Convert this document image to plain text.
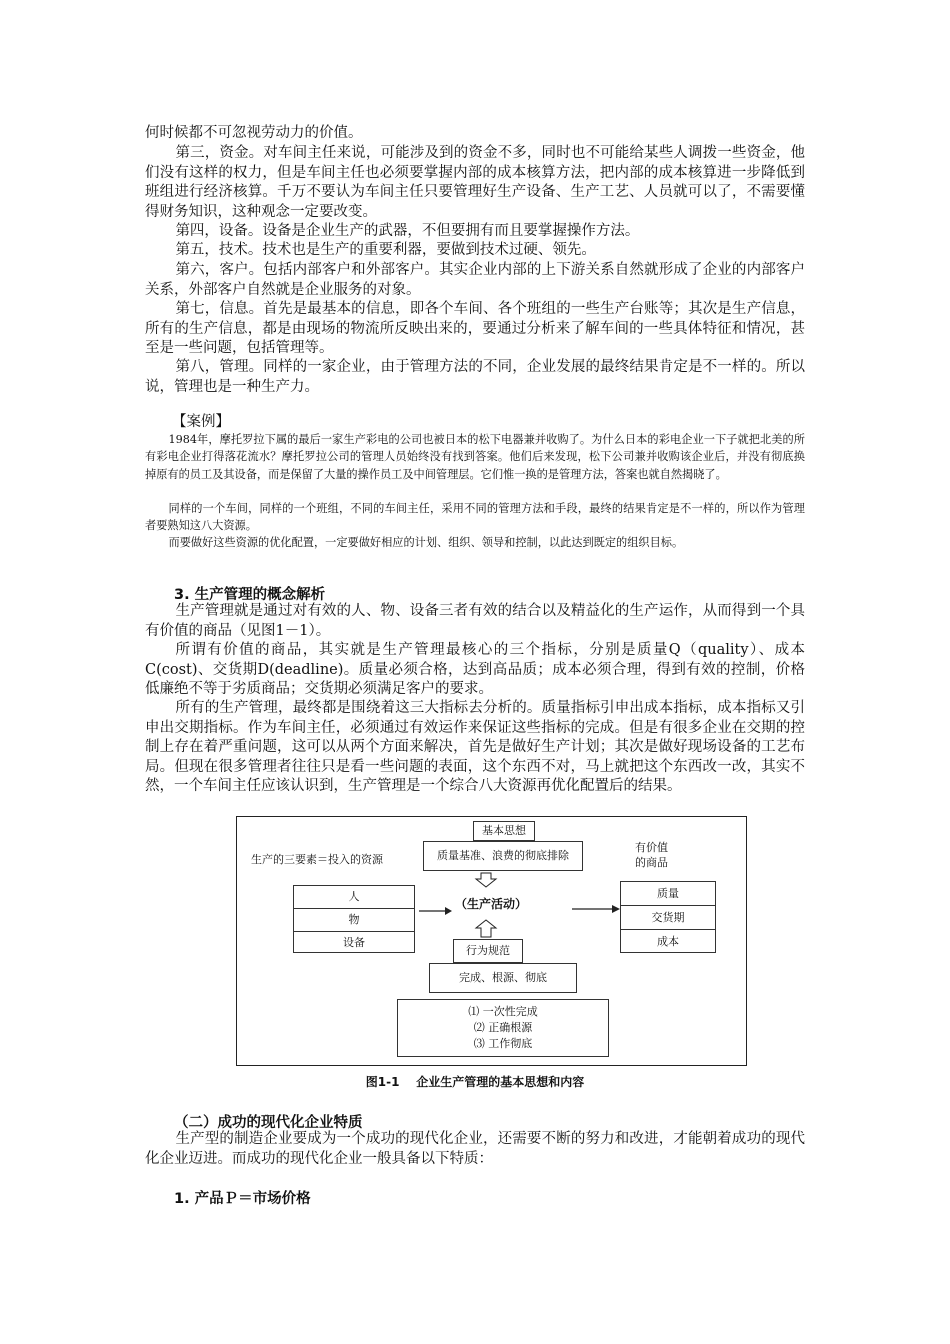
何时候都不可忽视劳动力的价值。

第三，资金。对车间主任来说，可能涉及到的资金不多，同时也不可能给某些人调拨一些资金，他们没有这样的权力，但是车间主任也必须要掌握内部的成本核算方法，把内部的成本核算进一步降低到班组进行经济核算。千万不要认为车间主任只要管理好生产设备、生产工艺、人员就可以了，不需要懂得财务知识，这种观念一定要改变。

第四，设备。设备是企业生产的武器，不但要拥有而且要掌握操作方法。

第五，技术。技术也是生产的重要利器，要做到技术过硬、领先。

第六，客户。包括内部客户和外部客户。其实企业内部的上下游关系自然就形成了企业的内部客户关系，外部客户自然就是企业服务的对象。

第七，信息。首先是最基本的信息，即各个车间、各个班组的一些生产台账等；其次是生产信息，所有的生产信息，都是由现场的物流所反映出来的，要通过分析来了解车间的一些具体特征和情况，甚至是一些问题，包括管理等。

第八，管理。同样的一家企业，由于管理方法的不同，企业发展的最终结果肯定是不一样的。所以说，管理也是一种生产力。

【案例】

1984年，摩托罗拉下属的最后一家生产彩电的公司也被日本的松下电器兼并收购了。为什么日本的彩电企业一下子就把北美的所有彩电企业打得落花流水？摩托罗拉公司的管理人员始终没有找到答案。他们后来发现，松下公司兼并收购该企业后，并没有彻底换掉原有的员工及其设备，而是保留了大量的操作员工及中间管理层。它们惟一换的是管理方法，答案也就自然揭晓了。

同样的一个车间，同样的一个班组，不同的车间主任，采用不同的管理方法和手段，最终的结果肯定是不一样的，所以作为管理者要熟知这八大资源。

而要做好这些资源的优化配置，一定要做好相应的计划、组织、领导和控制，以此达到既定的组织目标。

3. 生产管理的概念解析

生产管理就是通过对有效的人、物、设备三者有效的结合以及精益化的生产运作，从而得到一个具有价值的商品（见图1－1）。

所谓有价值的商品，其实就是生产管理最核心的三个指标，分别是质量Q（quality）、成本C(cost)、交货期D(deadline)。质量必须合格，达到高品质；成本必须合理，得到有效的控制，价格低廉绝不等于劣质商品；交货期必须满足客户的要求。

所有的生产管理，最终都是围绕着这三大指标去分析的。质量指标引申出成本指标，成本指标又引申出交期指标。作为车间主任，必须通过有效运作来保证这些指标的完成。但是有很多企业在交期的控制上存在着严重问题，这可以从两个方面来解决，首先是做好生产计划；其次是做好现场设备的工艺布局。但现在很多管理者往往只是看一些问题的表面，这个东西不对，马上就把这个东西改一改，其实不然，一个车间主任应该认识到，生产管理是一个综合八大资源再优化配置后的结果。

基本思想
质量基准、浪费的彻底排除
生产的三要素＝投入的资源
有价值
的商品
人
物
设备
（生产活动）
质量
交货期
成本
行为规范
完成、根源、彻底
⑴ 一次性完成
⑵ 正确根源
⑶ 工作彻底

图1-1    企业生产管理的基本思想和内容

（二）成功的现代化企业特质

生产型的制造企业要成为一个成功的现代化企业，还需要不断的努力和改进，才能朝着成功的现代化企业迈进。而成功的现代化企业一般具备以下特质：

1. 产品Ｐ＝市场价格
